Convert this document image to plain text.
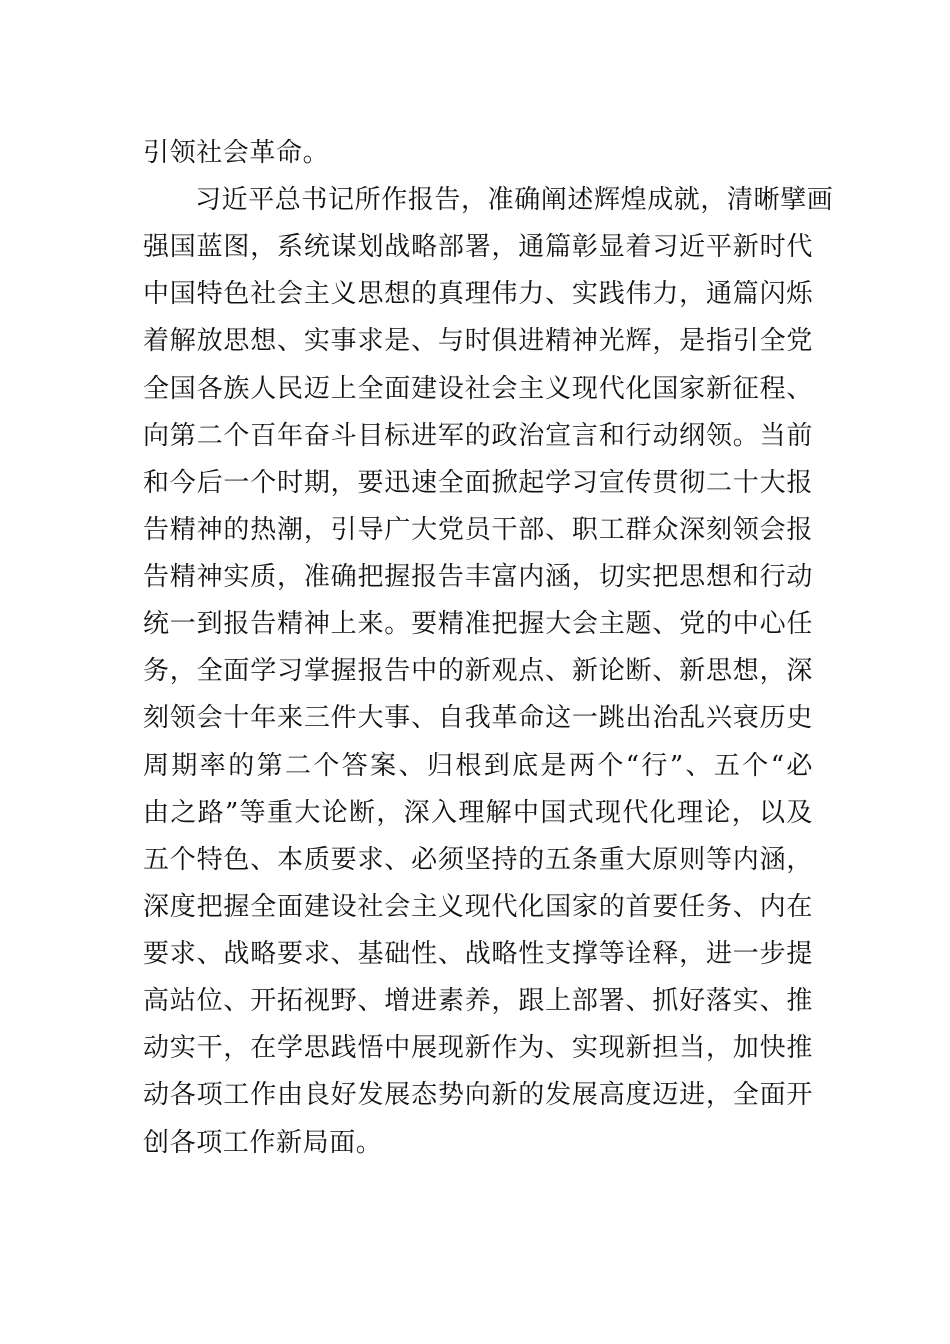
引领社会革命。
习近平总书记所作报告，准确阐述辉煌成就，清晰擘画
强国蓝图，系统谋划战略部署，通篇彰显着习近平新时代
中国特色社会主义思想的真理伟力、实践伟力，通篇闪烁
着解放思想、实事求是、与时俱进精神光辉，是指引全党
全国各族人民迈上全面建设社会主义现代化国家新征程、
向第二个百年奋斗目标进军的政治宣言和行动纲领。当前
和今后一个时期，要迅速全面掀起学习宣传贯彻二十大报
告精神的热潮，引导广大党员干部、职工群众深刻领会报
告精神实质，准确把握报告丰富内涵，切实把思想和行动
统一到报告精神上来。要精准把握大会主题、党的中心任
务，全面学习掌握报告中的新观点、新论断、新思想，深
刻领会十年来三件大事、自我革命这一跳出治乱兴衰历史
周期率的第二个答案、归根到底是两个“行”、五个“必
由之路”等重大论断，深入理解中国式现代化理论，以及
五个特色、本质要求、必须坚持的五条重大原则等内涵，
深度把握全面建设社会主义现代化国家的首要任务、内在
要求、战略要求、基础性、战略性支撑等诠释，进一步提
高站位、开拓视野、增进素养，跟上部署、抓好落实、推
动实干，在学思践悟中展现新作为、实现新担当，加快推
动各项工作由良好发展态势向新的发展高度迈进，全面开
创各项工作新局面。
